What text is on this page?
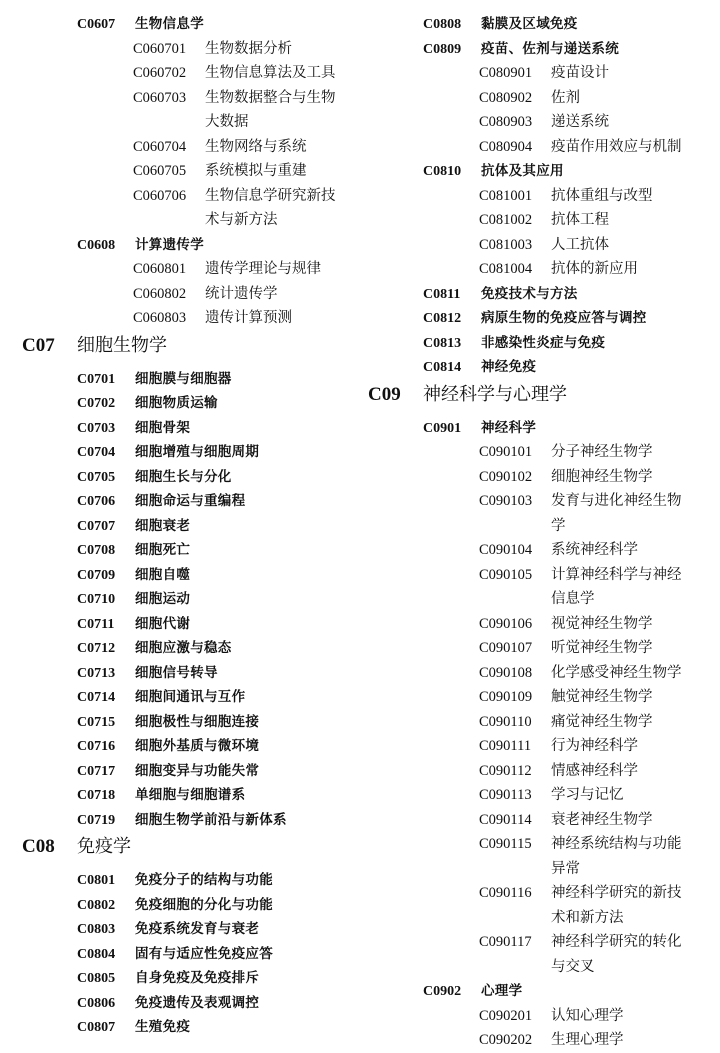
C0607	生物信息学
C060701	生物数据分析
C060702	生物信息算法及工具
C060703	生物数据整合与生物大数据
C060704	生物网络与系统
C060705	系统模拟与重建
C060706	生物信息学研究新技术与新方法
C0608	计算遗传学
C060801	遗传学理论与规律
C060802	统计遗传学
C060803	遗传计算预测
C07	细胞生物学
C0701	细胞膜与细胞器
C0702	细胞物质运输
C0703	细胞骨架
C0704	细胞增殖与细胞周期
C0705	细胞生长与分化
C0706	细胞命运与重编程
C0707	细胞衰老
C0708	细胞死亡
C0709	细胞自噬
C0710	细胞运动
C0711	细胞代谢
C0712	细胞应激与稳态
C0713	细胞信号转导
C0714	细胞间通讯与互作
C0715	细胞极性与细胞连接
C0716	细胞外基质与微环境
C0717	细胞变异与功能失常
C0718	单细胞与细胞谱系
C0719	细胞生物学前沿与新体系
C08	免疫学
C0801	免疫分子的结构与功能
C0802	免疫细胞的分化与功能
C0803	免疫系统发育与衰老
C0804	固有与适应性免疫应答
C0805	自身免疫及免疫排斥
C0806	免疫遗传及表观调控
C0807	生殖免疫
C0808	黏膜及区域免疫
C0809	疫苗、佐剂与递送系统
C080901	疫苗设计
C080902	佐剂
C080903	递送系统
C080904	疫苗作用效应与机制
C0810	抗体及其应用
C081001	抗体重组与改型
C081002	抗体工程
C081003	人工抗体
C081004	抗体的新应用
C0811	免疫技术与方法
C0812	病原生物的免疫应答与调控
C0813	非感染性炎症与免疫
C0814	神经免疫
C09	神经科学与心理学
C0901	神经科学
C090101	分子神经生物学
C090102	细胞神经生物学
C090103	发育与进化神经生物学
C090104	系统神经科学
C090105	计算神经科学与神经信息学
C090106	视觉神经生物学
C090107	听觉神经生物学
C090108	化学感受神经生物学
C090109	触觉神经生物学
C090110	痛觉神经生物学
C090111	行为神经科学
C090112	情感神经科学
C090113	学习与记忆
C090114	衰老神经生物学
C090115	神经系统结构与功能异常
C090116	神经科学研究的新技术和新方法
C090117	神经科学研究的转化与交叉
C0902	心理学
C090201	认知心理学
C090202	生理心理学
